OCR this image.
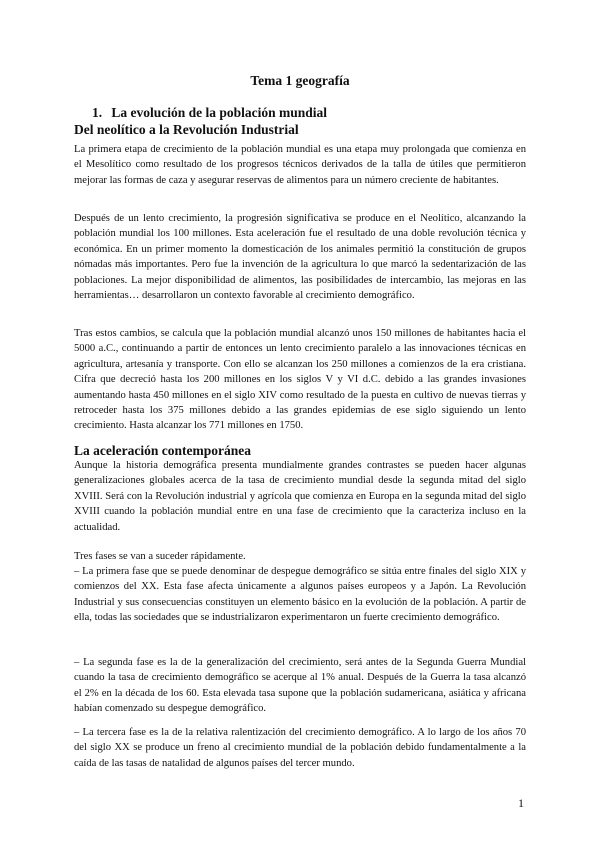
Tema 1 geografía
1. La evolución de la población mundial
Del neolítico a la Revolución Industrial

La primera etapa de crecimiento de la población mundial es una etapa muy prolongada que comienza en el Mesolítico como resultado de los progresos técnicos derivados de la talla de útiles que permitieron mejorar las formas de caza y asegurar reservas de alimentos para un número creciente de habitantes.

Después de un lento crecimiento, la progresión significativa se produce en el Neolítico, alcanzando la población mundial los 100 millones. Esta aceleración fue el resultado de una doble revolución técnica y económica. En un primer momento la domesticación de los animales permitió la constitución de grupos nómadas más importantes. Pero fue la invención de la agricultura lo que marcó la sedentarización de las poblaciones. La mejor disponibilidad de alimentos, las posibilidades de intercambio, las mejoras en las herramientas… desarrollaron un contexto favorable al crecimiento demográfico.

Tras estos cambios, se calcula que la población mundial alcanzó unos 150 millones de habitantes hacia el 5000 a.C., continuando a partir de entonces un lento crecimiento paralelo a las innovaciones técnicas en agricultura, artesanía y transporte. Con ello se alcanzan los 250 millones a comienzos de la era cristiana. Cifra que decreció hasta los 200 millones en los siglos V y VI d.C. debido a las grandes invasiones aumentando hasta 450 millones en el siglo XIV como resultado de la puesta en cultivo de nuevas tierras y retroceder hasta los 375 millones debido a las grandes epidemias de ese siglo siguiendo un lento crecimiento. Hasta alcanzar los 771 millones en 1750.

La aceleración contemporánea

Aunque la historia demográfica presenta mundialmente grandes contrastes se pueden hacer algunas generalizaciones globales acerca de la tasa de crecimiento mundial desde la segunda mitad del siglo XVIII. Será con la Revolución industrial y agrícola que comienza en Europa en la segunda mitad del siglo XVIII cuando la población mundial entre en una fase de crecimiento que la caracteriza incluso en la actualidad.

Tres fases se van a suceder rápidamente.

– La primera fase que se puede denominar de despegue demográfico se sitúa entre finales del siglo XIX y comienzos del XX. Esta fase afecta únicamente a algunos países europeos y a Japón. La Revolución Industrial y sus consecuencias constituyen un elemento básico en la evolución de la población. A partir de ella, todas las sociedades que se industrializaron experimentaron un fuerte crecimiento demográfico.

– La segunda fase es la de la generalización del crecimiento, será antes de la Segunda Guerra Mundial cuando la tasa de crecimiento demográfico se acerque al 1% anual. Después de la Guerra la tasa alcanzó el 2% en la década de los 60. Esta elevada tasa supone que la población sudamericana, asiática y africana habían comenzado su despegue demográfico.

– La tercera fase es la de la relativa ralentización del crecimiento demográfico. A lo largo de los años 70 del siglo XX se produce un freno al crecimiento mundial de la población debido fundamentalmente a la caída de las tasas de natalidad de algunos países del tercer mundo.

1
